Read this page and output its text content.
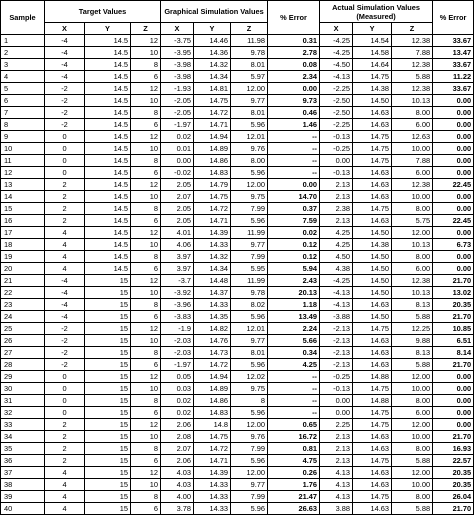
Sample	Target Values			Graphical Simulation Values			% Error	Actual Simulation Values (Measured)			% Error
	X	Y	Z	X	Y	Z		X	Y	Z	
1	-4	14.5	12	-3.75	14.46	11.98	0.31	-4.25	14.54	12.38	33.67
2	-4	14.5	10	-3.95	14.36	9.78	2.78	-4.25	14.58	7.88	13.47
3	-4	14.5	8	-3.98	14.32	8.01	0.08	-4.50	14.64	12.38	33.67
4	-4	14.5	6	-3.98	14.34	5.97	2.34	-4.13	14.75	5.88	11.22
5	-2	14.5	12	-1.93	14.81	12.00	0.00	-2.25	14.38	12.38	33.67
6	-2	14.5	10	-2.05	14.75	9.77	9.73	-2.50	14.50	10.13	0.00
7	-2	14.5	8	-2.05	14.72	8.01	0.46	-2.50	14.63	8.00	0.00
8	-2	14.5	6	-1.97	14.71	5.96	1.46	-2.25	14.63	6.00	0.00
9	0	14.5	12	0.02	14.94	12.01	--	-0.13	14.75	12.63	0.00
10	0	14.5	10	0.01	14.89	9.76	--	-0.25	14.75	10.00	0.00
11	0	14.5	8	0.00	14.86	8.00	--	0.00	14.75	7.88	0.00
12	0	14.5	6	-0.02	14.83	5.96	--	-0.13	14.63	6.00	0.00
13	2	14.5	12	2.05	14.79	12.00	0.00	2.13	14.63	12.38	22.45
14	2	14.5	10	2.07	14.75	9.75	14.70	2.13	14.63	10.00	0.00
15	2	14.5	8	2.05	14.72	7.99	0.37	2.38	14.75	8.00	0.00
16	2	14.5	6	2.05	14.71	5.96	7.59	2.13	14.63	5.75	22.45
17	4	14.5	12	4.01	14.39	11.99	0.02	4.25	14.50	12.00	0.00
18	4	14.5	10	4.06	14.33	9.77	0.12	4.25	14.38	10.13	6.73
19	4	14.5	8	3.97	14.32	7.99	0.12	4.50	14.50	8.00	0.00
20	4	14.5	6	3.97	14.34	5.95	5.94	4.38	14.50	6.00	0.00
21	-4	15	12	-3.7	14.48	11.99	2.43	-4.25	14.50	12.38	21.70
22	-4	15	10	-3.92	14.37	9.78	20.13	-4.13	14.50	10.13	13.02
23	-4	15	8	-3.96	14.33	8.02	1.18	-4.13	14.63	8.13	20.35
24	-4	15	6	-3.83	14.35	5.96	13.49	-3.88	14.50	5.88	21.70
25	-2	15	12	-1.9	14.82	12.01	2.24	-2.13	14.75	12.25	10.85
26	-2	15	10	-2.03	14.76	9.77	5.66	-2.13	14.63	9.88	6.51
27	-2	15	8	-2.03	14.73	8.01	0.34	-2.13	14.63	8.13	8.14
28	-2	15	6	-1.97	14.72	5.96	4.25	-2.13	14.63	5.88	21.70
29	0	15	12	0.05	14.94	12.02	--	-0.25	14.88	12.00	0.00
30	0	15	10	0.03	14.89	9.75	--	-0.13	14.75	10.00	0.00
31	0	15	8	0.02	14.86	8	--	0.00	14.88	8.00	0.00
32	0	15	6	0.02	14.83	5.96	--	0.00	14.75	6.00	0.00
33	2	15	12	2.06	14.8	12.00	0.65	2.25	14.75	12.00	0.00
34	2	15	10	2.08	14.75	9.76	16.72	2.13	14.63	10.00	21.70
35	2	15	8	2.07	14.72	7.99	0.81	2.13	14.63	8.00	16.93
36	2	15	6	2.06	14.71	5.96	4.75	2.13	14.75	5.88	22.57
37	4	15	12	4.03	14.39	12.00	0.26	4.13	14.63	12.00	20.35
38	4	15	10	4.03	14.33	9.77	1.76	4.13	14.63	10.00	20.35
39	4	15	8	4.00	14.33	7.99	21.47	4.13	14.75	8.00	26.04
40	4	15	6	3.78	14.33	5.96	26.63	3.88	14.63	5.88	21.70
